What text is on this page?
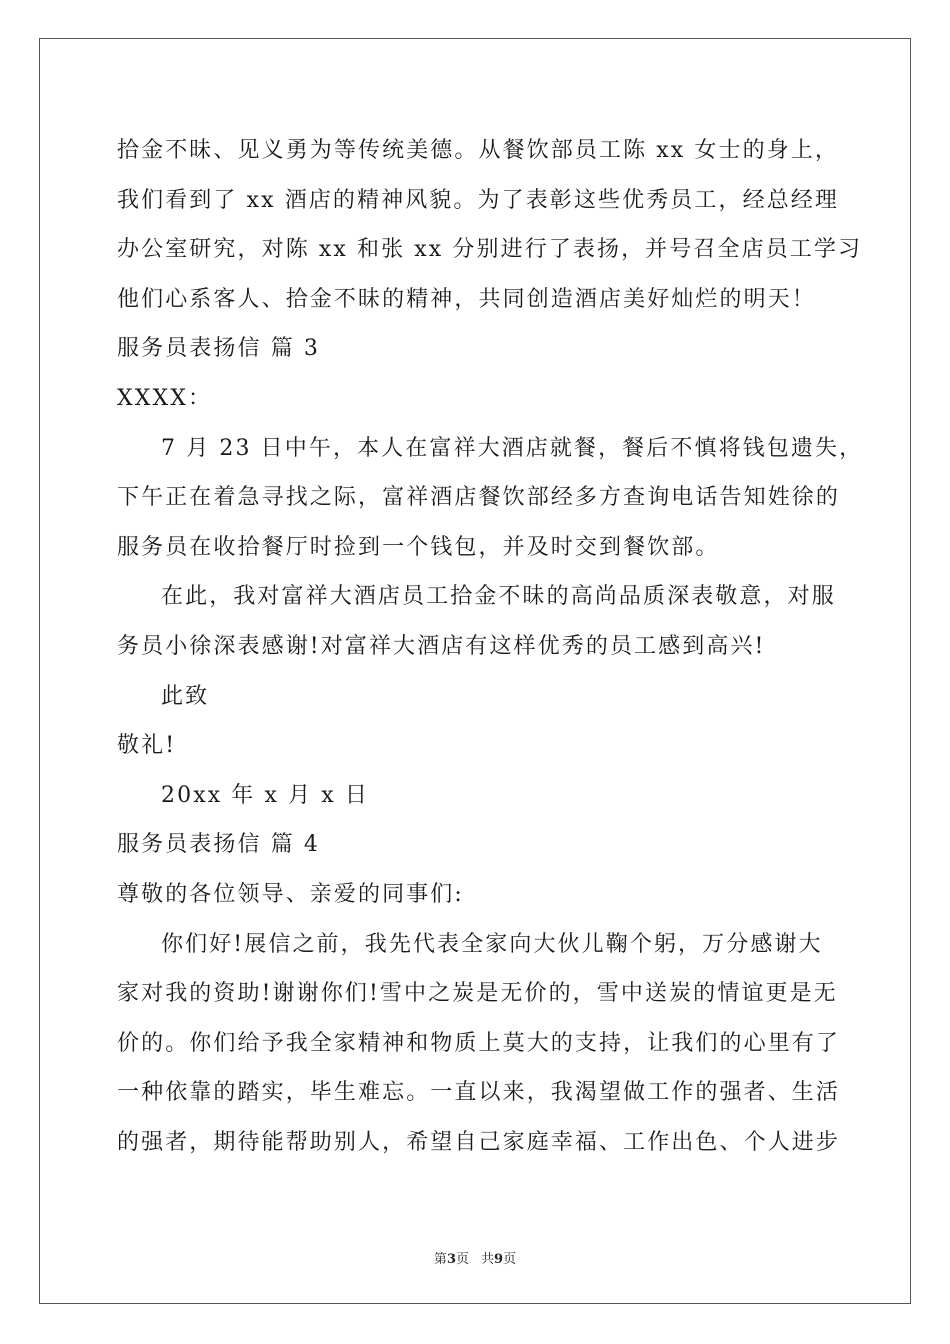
拾金不昧、见义勇为等传统美德。从餐饮部员工陈 xx 女士的身上，
我们看到了 xx 酒店的精神风貌。为了表彰这些优秀员工，经总经理
办公室研究，对陈 xx 和张 xx 分别进行了表扬，并号召全店员工学习
他们心系客人、拾金不昧的精神，共同创造酒店美好灿烂的明天！
服务员表扬信 篇 3
XXXX：
7 月 23 日中午，本人在富祥大酒店就餐，餐后不慎将钱包遗失，
下午正在着急寻找之际，富祥酒店餐饮部经多方查询电话告知姓徐的
服务员在收拾餐厅时捡到一个钱包，并及时交到餐饮部。
在此，我对富祥大酒店员工拾金不昧的高尚品质深表敬意，对服
务员小徐深表感谢!对富祥大酒店有这样优秀的员工感到高兴!
此致
敬礼!
20xx 年 x 月 x 日
服务员表扬信 篇 4
尊敬的各位领导、亲爱的同事们:
你们好!展信之前，我先代表全家向大伙儿鞠个躬，万分感谢大
家对我的资助!谢谢你们!雪中之炭是无价的，雪中送炭的情谊更是无
价的。你们给予我全家精神和物质上莫大的支持，让我们的心里有了
一种依靠的踏实，毕生难忘。一直以来，我渴望做工作的强者、生活
的强者，期待能帮助别人，希望自己家庭幸福、工作出色、个人进步
第3页 共9页
